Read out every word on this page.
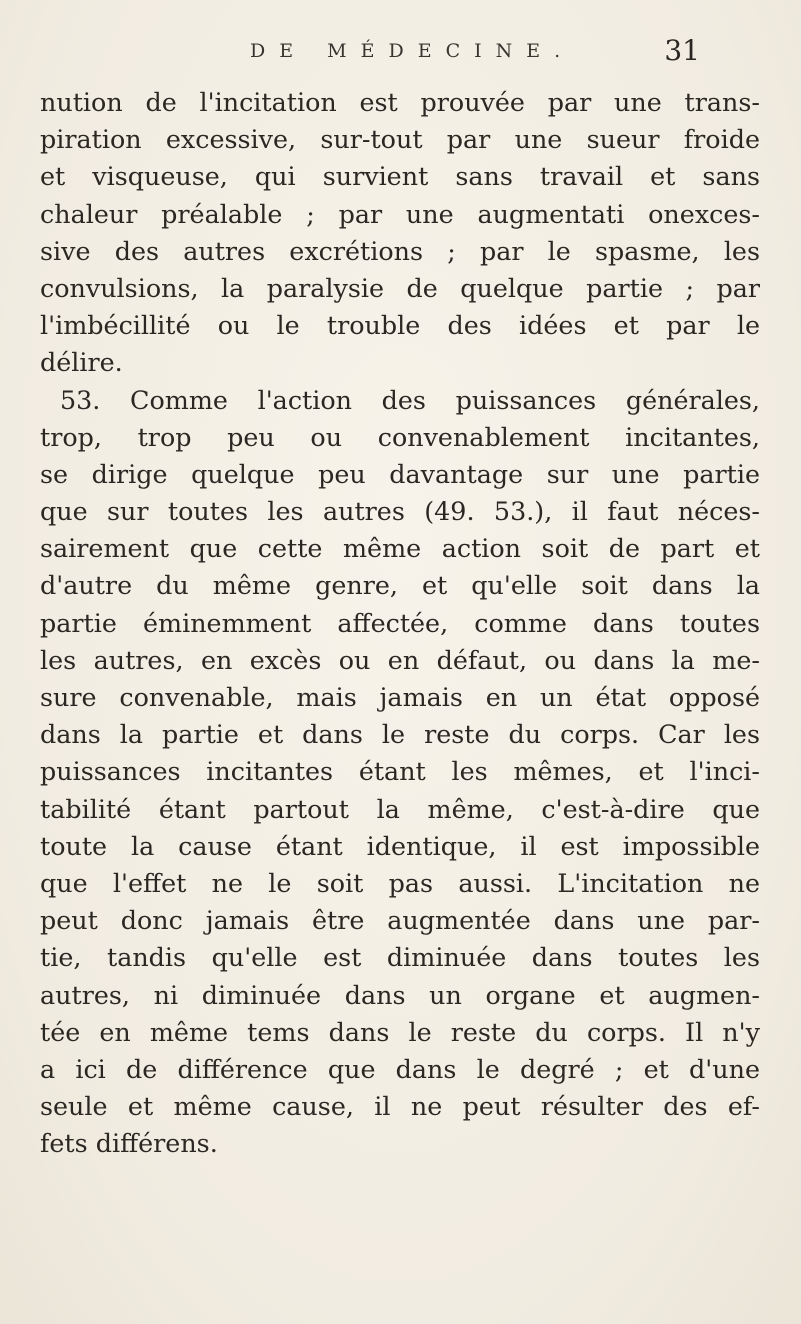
DE MÉDECINE.	31
nution de l'incitation est prouvée par une trans-
piration excessive, sur-tout par une sueur froide
et visqueuse, qui survient sans travail et sans
chaleur préalable ; par une augmentati onexces-
sive des autres excrétions ; par le spasme, les
convulsions, la paralysie de quelque partie ; par
l'imbécillité ou le trouble des idées et par le
délire.
53. Comme l'action des puissances générales,
trop, trop peu ou convenablement incitantes,
se dirige quelque peu davantage sur une partie
que sur toutes les autres (49. 53.), il faut néces-
sairement que cette même action soit de part et
d'autre du même genre, et qu'elle soit dans la
partie éminemment affectée, comme dans toutes
les autres, en excès ou en défaut, ou dans la me-
sure convenable, mais jamais en un état opposé
dans la partie et dans le reste du corps. Car les
puissances incitantes étant les mêmes, et l'inci-
tabilité étant partout la même, c'est-à-dire que
toute la cause étant identique, il est impossible
que l'effet ne le soit pas aussi. L'incitation ne
peut donc jamais être augmentée dans une par-
tie, tandis qu'elle est diminuée dans toutes les
autres, ni diminuée dans un organe et augmen-
tée en même tems dans le reste du corps. Il n'y
a ici de différence que dans le degré ; et d'une
seule et même cause, il ne peut résulter des ef-
fets différens.
